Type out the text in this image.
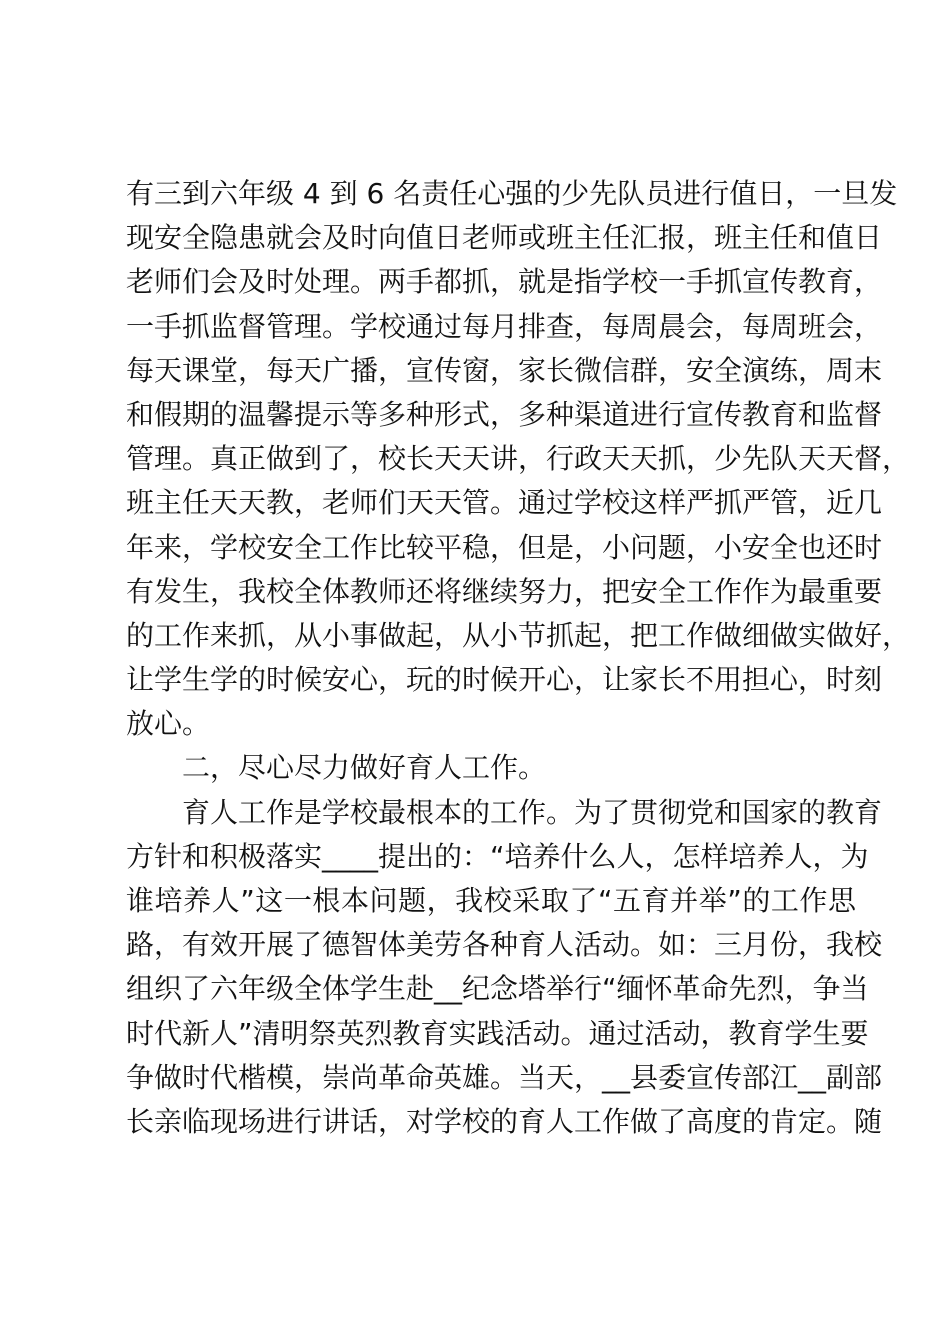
有三到六年级 4 到 6 名责任心强的少先队员进行值日，一旦发
现安全隐患就会及时向值日老师或班主任汇报，班主任和值日
老师们会及时处理。两手都抓，就是指学校一手抓宣传教育，
一手抓监督管理。学校通过每月排查，每周晨会，每周班会，
每天课堂，每天广播，宣传窗，家长微信群，安全演练，周末
和假期的温馨提示等多种形式，多种渠道进行宣传教育和监督
管理。真正做到了，校长天天讲，行政天天抓，少先队天天督，
班主任天天教，老师们天天管。通过学校这样严抓严管，近几
年来，学校安全工作比较平稳，但是，小问题，小安全也还时
有发生，我校全体教师还将继续努力，把安全工作作为最重要
的工作来抓，从小事做起，从小节抓起，把工作做细做实做好，
让学生学的时候安心，玩的时候开心，让家长不用担心，时刻
放心。
二，尽心尽力做好育人工作。
育人工作是学校最根本的工作。为了贯彻党和国家的教育
方针和积极落实____提出的：“培养什么人，怎样培养人，为
谁培养人”这一根本问题，我校采取了“五育并举”的工作思
路，有效开展了德智体美劳各种育人活动。如：三月份，我校
组织了六年级全体学生赴__纪念塔举行“缅怀革命先烈，争当
时代新人”清明祭英烈教育实践活动。通过活动，教育学生要
争做时代楷模，崇尚革命英雄。当天，__县委宣传部江__副部
长亲临现场进行讲话，对学校的育人工作做了高度的肯定。随
